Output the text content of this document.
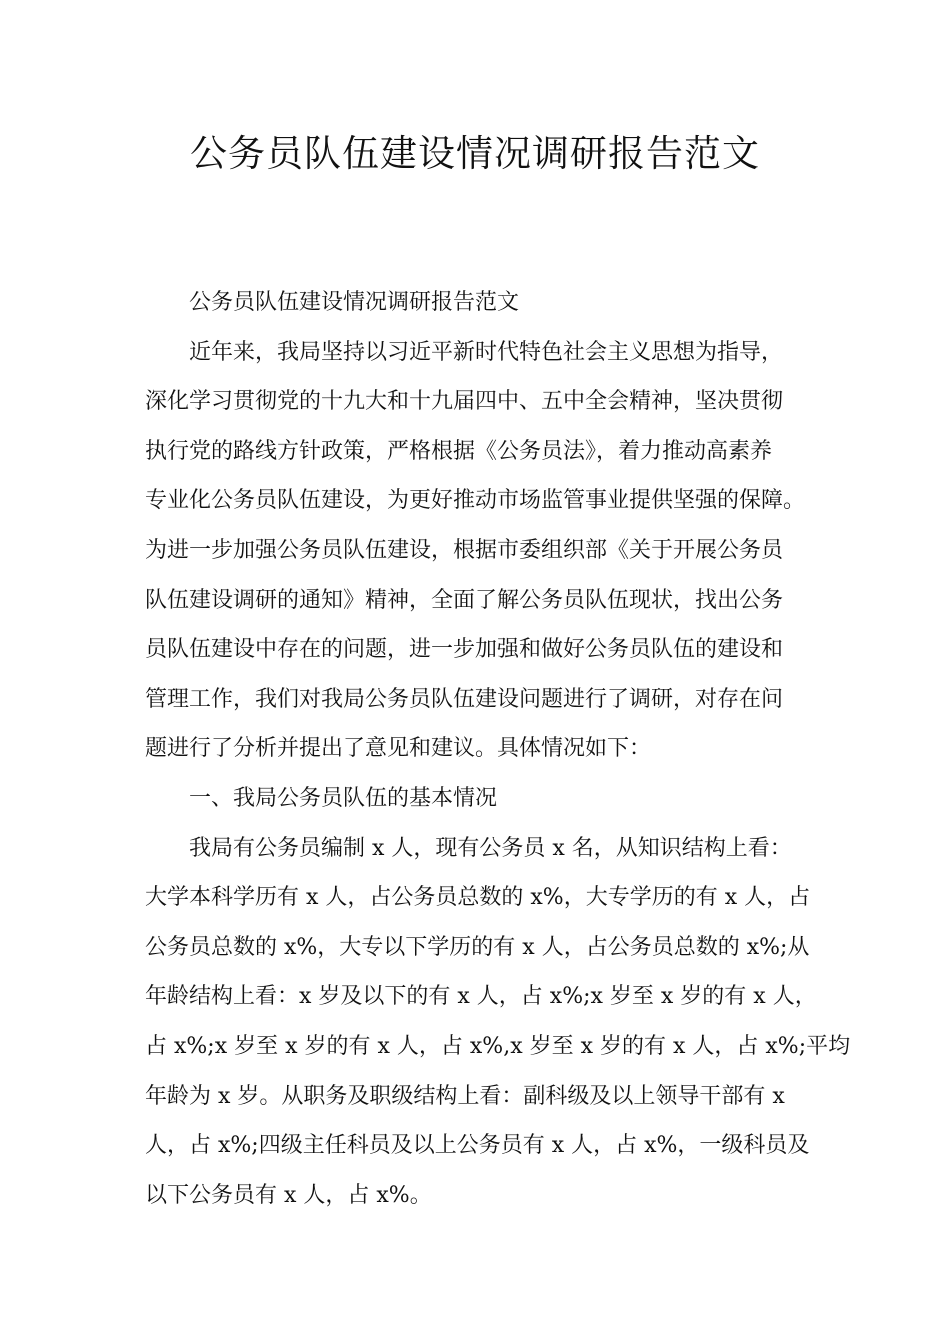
公务员队伍建设情况调研报告范文
公务员队伍建设情况调研报告范文
近年来，我局坚持以习近平新时代特色社会主义思想为指导，
深化学习贯彻党的十九大和十九届四中、五中全会精神，坚决贯彻
执行党的路线方针政策，严格根据《公务员法》，着力推动高素养
专业化公务员队伍建设，为更好推动市场监管事业提供坚强的保障。
为进一步加强公务员队伍建设，根据市委组织部《关于开展公务员
队伍建设调研的通知》精神，全面了解公务员队伍现状，找出公务
员队伍建设中存在的问题，进一步加强和做好公务员队伍的建设和
管理工作，我们对我局公务员队伍建设问题进行了调研，对存在问
题进行了分析并提出了意见和建议。具体情况如下：
一、我局公务员队伍的基本情况
我局有公务员编制 x 人，现有公务员 x 名，从知识结构上看：
大学本科学历有 x 人，占公务员总数的 x%，大专学历的有 x 人，占
公务员总数的 x%，大专以下学历的有 x 人，占公务员总数的 x%;从
年龄结构上看：x 岁及以下的有 x 人，占 x%;x 岁至 x 岁的有 x 人，
占 x%;x 岁至 x 岁的有 x 人，占 x%,x 岁至 x 岁的有 x 人，占 x%;平均
年龄为 x 岁。从职务及职级结构上看：副科级及以上领导干部有 x
人，占 x%;四级主任科员及以上公务员有 x 人，占 x%，一级科员及
以下公务员有 x 人，占 x%。
